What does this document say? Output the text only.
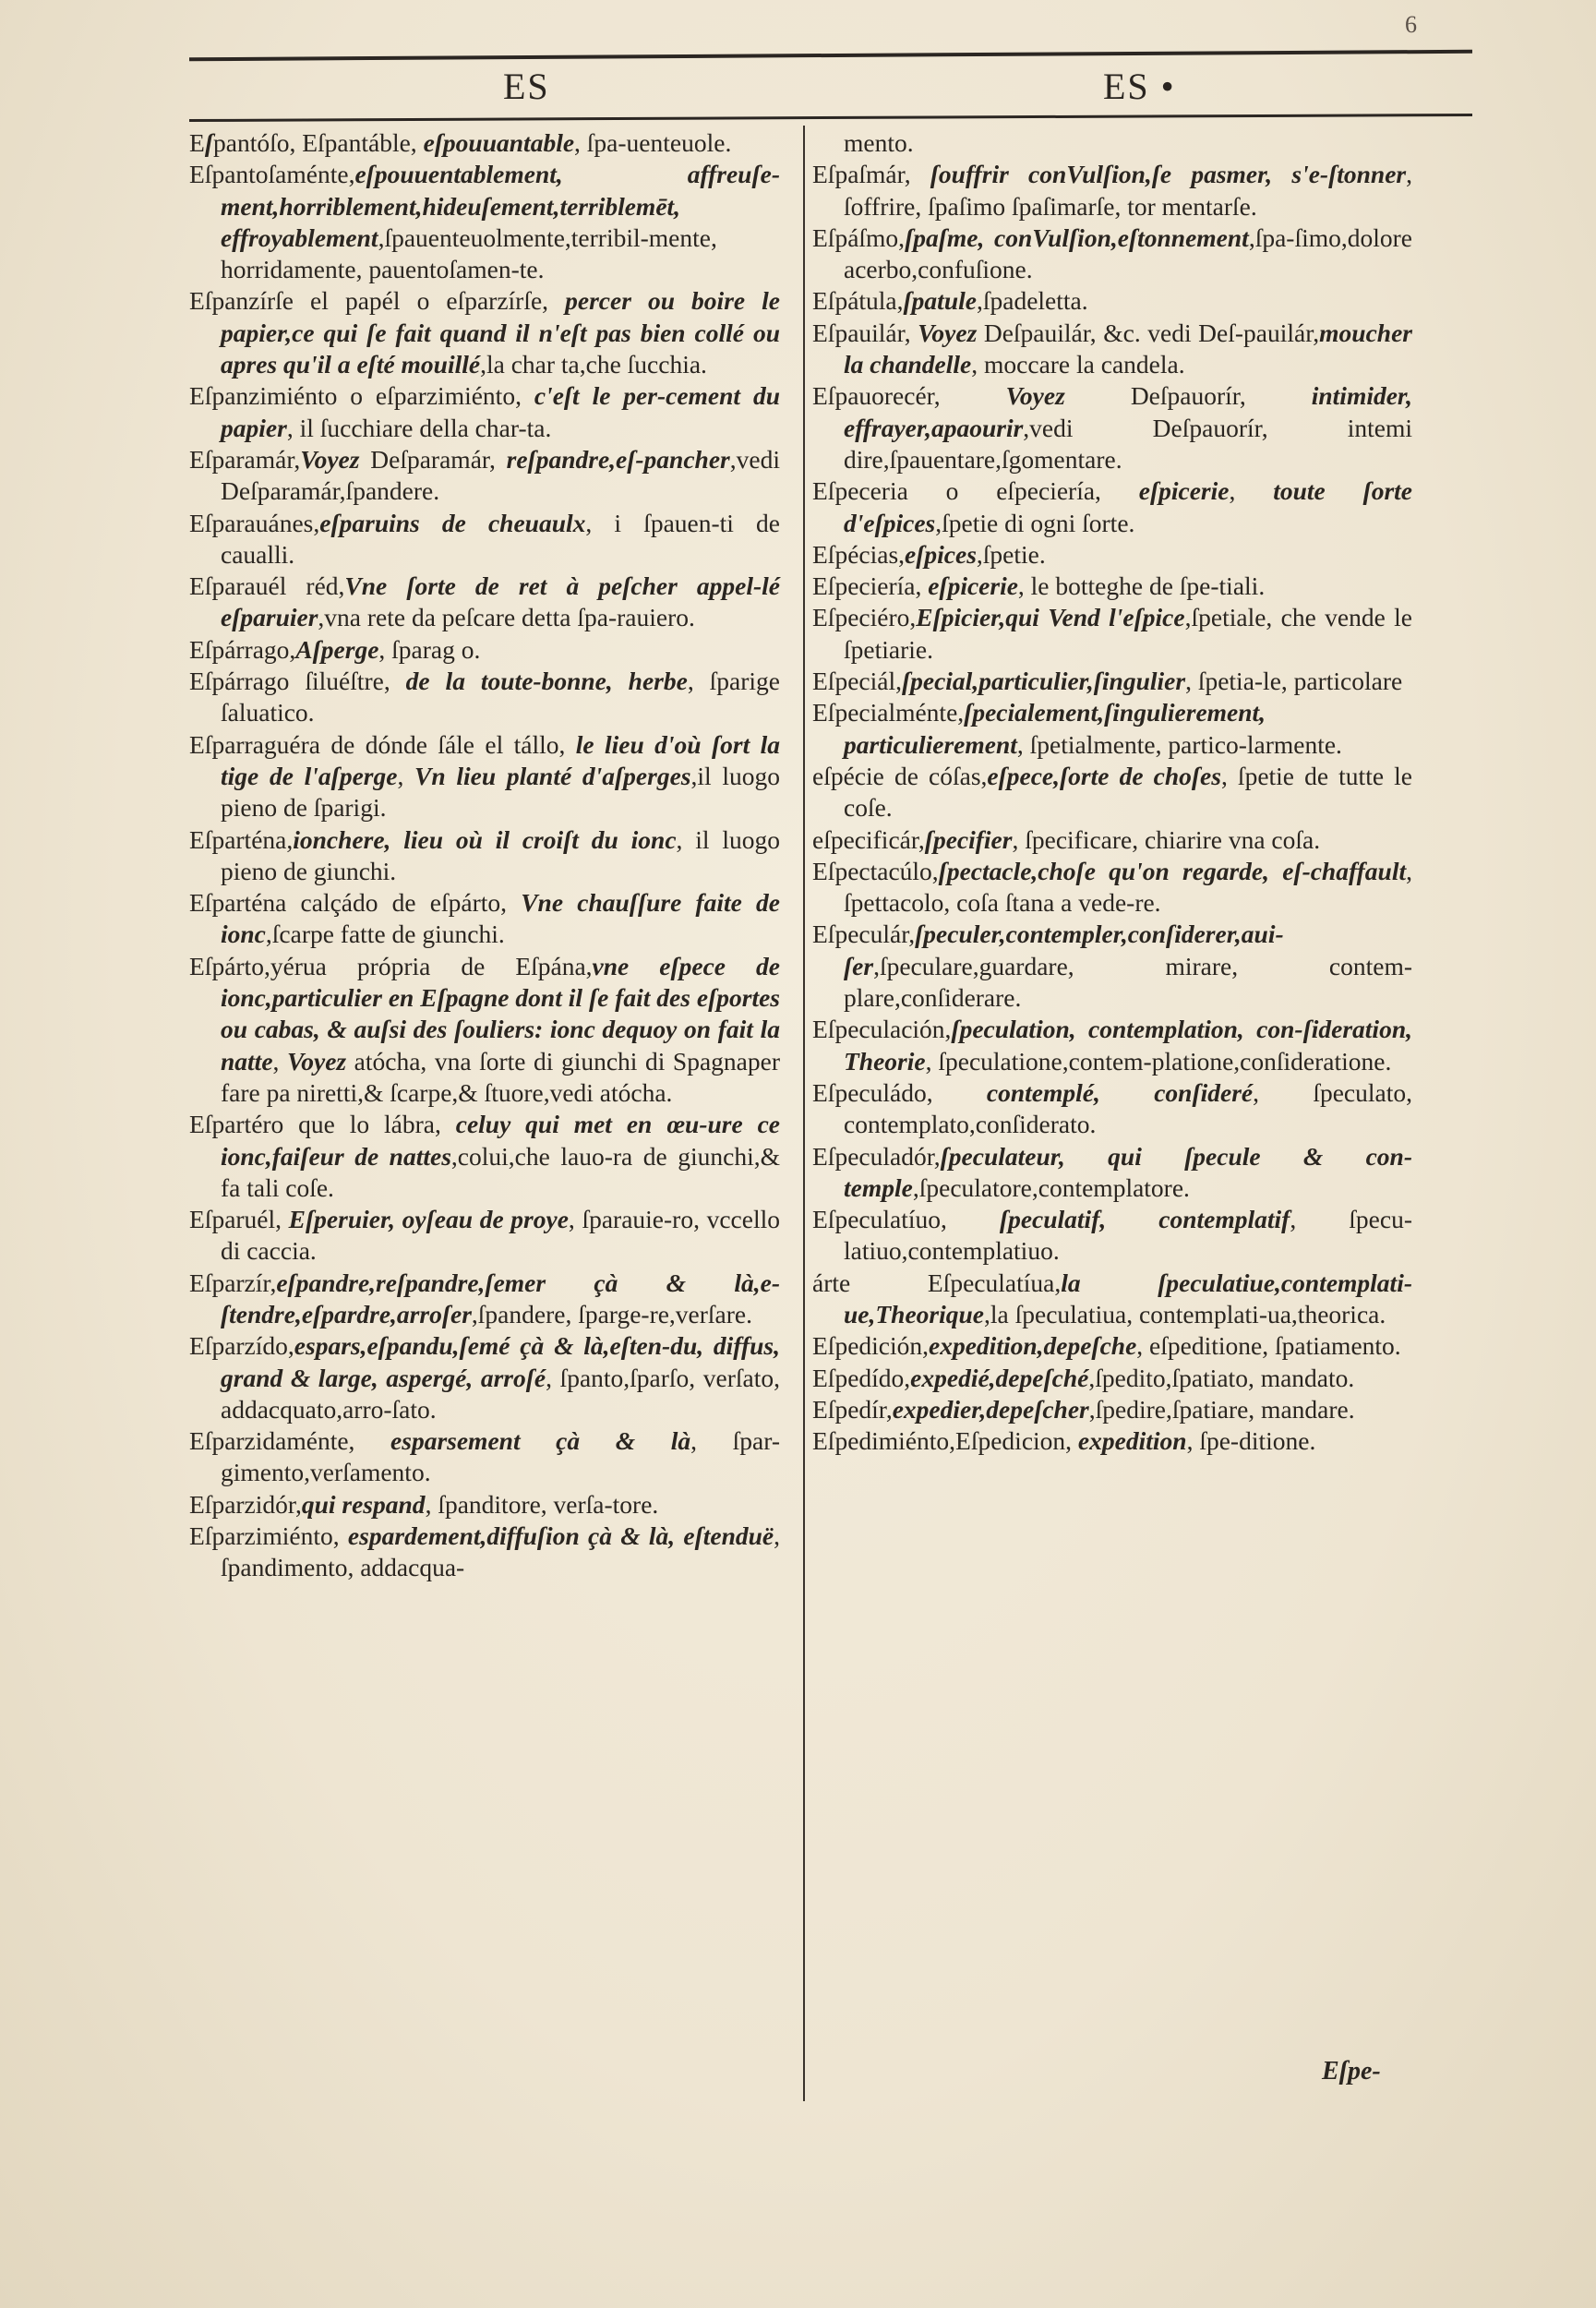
6
ES	ES •

Eſpantóſo, Eſpantáble, eſpouuantable, ſpa-uenteuole.

Eſpantoſaménte,eſpouuentablement, affreuſe-ment,horriblement,hideuſement,terriblemēt, effroyablement,ſpauenteuolmente,terribil-mente, horridamente, pauentoſamen-te.

Eſpanzírſe el papél o eſparzírſe, percer ou boire le papier,ce qui ſe fait quand il n'eſt pas bien collé ou apres qu'il a eſté mouillé,la char ta,che ſucchia.

Eſpanzimiénto o eſparzimiénto, c'eſt le per-cement du papier, il ſucchiare della char-ta.

Eſparamár,Voyez Deſparamár, reſpandre,eſ-pancher,vedi Deſparamár,ſpandere.

Eſparauánes,eſparuins de cheuaulx, i ſpauen-ti de caualli.

Eſparauél réd,Vne ſorte de ret à peſcher appel-lé eſparuier,vna rete da peſcare detta ſpa-rauiero.

Eſpárrago,Aſperge, ſparag o.

Eſpárrago ſiluéſtre, de la toute-bonne, herbe, ſparige ſaluatico.

Eſparraguéra de dónde ſále el tállo, le lieu d'où ſort la tige de l'aſperge, Vn lieu planté d'aſperges,il luogo pieno de ſparigi.

Eſparténa,ionchere, lieu où il croiſt du ionc, il luogo pieno de giunchi.

Eſparténa calçádo de eſpárto, Vne chauſſure faite de ionc,ſcarpe fatte de giunchi.

Eſpárto,yérua própria de Eſpána,vne eſpece de ionc,particulier en Eſpagne dont il ſe fait des eſportes ou cabas, & auſsi des ſouliers: ionc dequoy on fait la natte, Voyez atócha, vna ſorte di giunchi di Spagnaper fare pa niretti,& ſcarpe,& ſtuore,vedi atócha.

Eſpartéro que lo lábra, celuy qui met en œu-ure ce ionc,faiſeur de nattes,colui,che lauo-ra de giunchi,& fa tali coſe.

Eſparuél, Eſperuier, oyſeau de proye, ſparauie-ro, vccello di caccia.

Eſparzír,eſpandre,reſpandre,ſemer çà & là,e-ſtendre,eſpardre,arroſer,ſpandere, ſparge-re,verſare.

Eſparzído,espars,eſpandu,ſemé çà & là,eſten-du, diffus, grand & large, aspergé, arroſé, ſpanto,ſparſo, verſato, addacquato,arro-ſato.

Eſparzidaménte, esparsement çà & là, ſpar-gimento,verſamento.

Eſparzidór,qui respand, ſpanditore, verſa-tore.

Eſparzimiénto, espardement,diffuſion çà & là, eſtenduë, ſpandimento, addacqua-

mento.

Eſpaſmár, ſouffrir conVulſion,ſe pasmer, s'e-ſtonner, ſoffrire, ſpaſimo ſpaſimarſe, tor mentarſe.

Eſpáſmo,ſpaſme, conVulſion,eſtonnement,ſpa-ſimo,dolore acerbo,confuſione.

Eſpátula,ſpatule,ſpadeletta.

Eſpauilár, Voyez Deſpauilár, &c. vedi Deſ-pauilár,moucher la chandelle, moccare la candela.

Eſpauorecér, Voyez Deſpauorír, intimider, effrayer,apaourir,vedi Deſpauorír, intemi dire,ſpauentare,ſgomentare.

Eſpeceria o eſpeciería, eſpicerie, toute ſorte d'eſpices,ſpetie di ogni ſorte.

Eſpécias,eſpices,ſpetie.

Eſpeciería, eſpicerie, le botteghe de ſpe-tiali.

Eſpeciéro,Eſpicier,qui Vend l'eſpice,ſpetiale, che vende le ſpetiarie.

Eſpeciál,ſpecial,particulier,ſingulier, ſpetia-le, particolare

Eſpecialménte,ſpecialement,ſingulierement, particulierement, ſpetialmente, partico-larmente.

eſpécie de cóſas,eſpece,ſorte de choſes, ſpetie de tutte le coſe.

eſpecificár,ſpecifier, ſpecificare, chiarire vna coſa.

Eſpectacúlo,ſpectacle,choſe qu'on regarde, eſ-chaffault, ſpettacolo, coſa ſtana a vede-re.

Eſpeculár,ſpeculer,contempler,conſiderer,aui-ſer,ſpeculare,guardare, mirare, contem-plare,conſiderare.

Eſpeculación,ſpeculation, contemplation, con-ſideration, Theorie, ſpeculatione,contem-platione,conſideratione.

Eſpeculádo, contemplé, conſideré, ſpeculato, contemplato,conſiderato.

Eſpeculadór,ſpeculateur, qui ſpecule & con-temple,ſpeculatore,contemplatore.

Eſpeculatíuo, ſpeculatif, contemplatif, ſpecu-latiuo,contemplatiuo.

árte Eſpeculatíua,la ſpeculatiue,contemplati-ue,Theorique,la ſpeculatiua, contemplati-ua,theorica.

Eſpedición,expedition,depeſche, eſpeditione, ſpatiamento.

Eſpedído,expedié,depeſché,ſpedito,ſpatiato, mandato.

Eſpedír,expedier,depeſcher,ſpedire,ſpatiare, mandare.

Eſpedimiénto,Eſpedicion, expedition, ſpe-ditione.

Eſpe-
